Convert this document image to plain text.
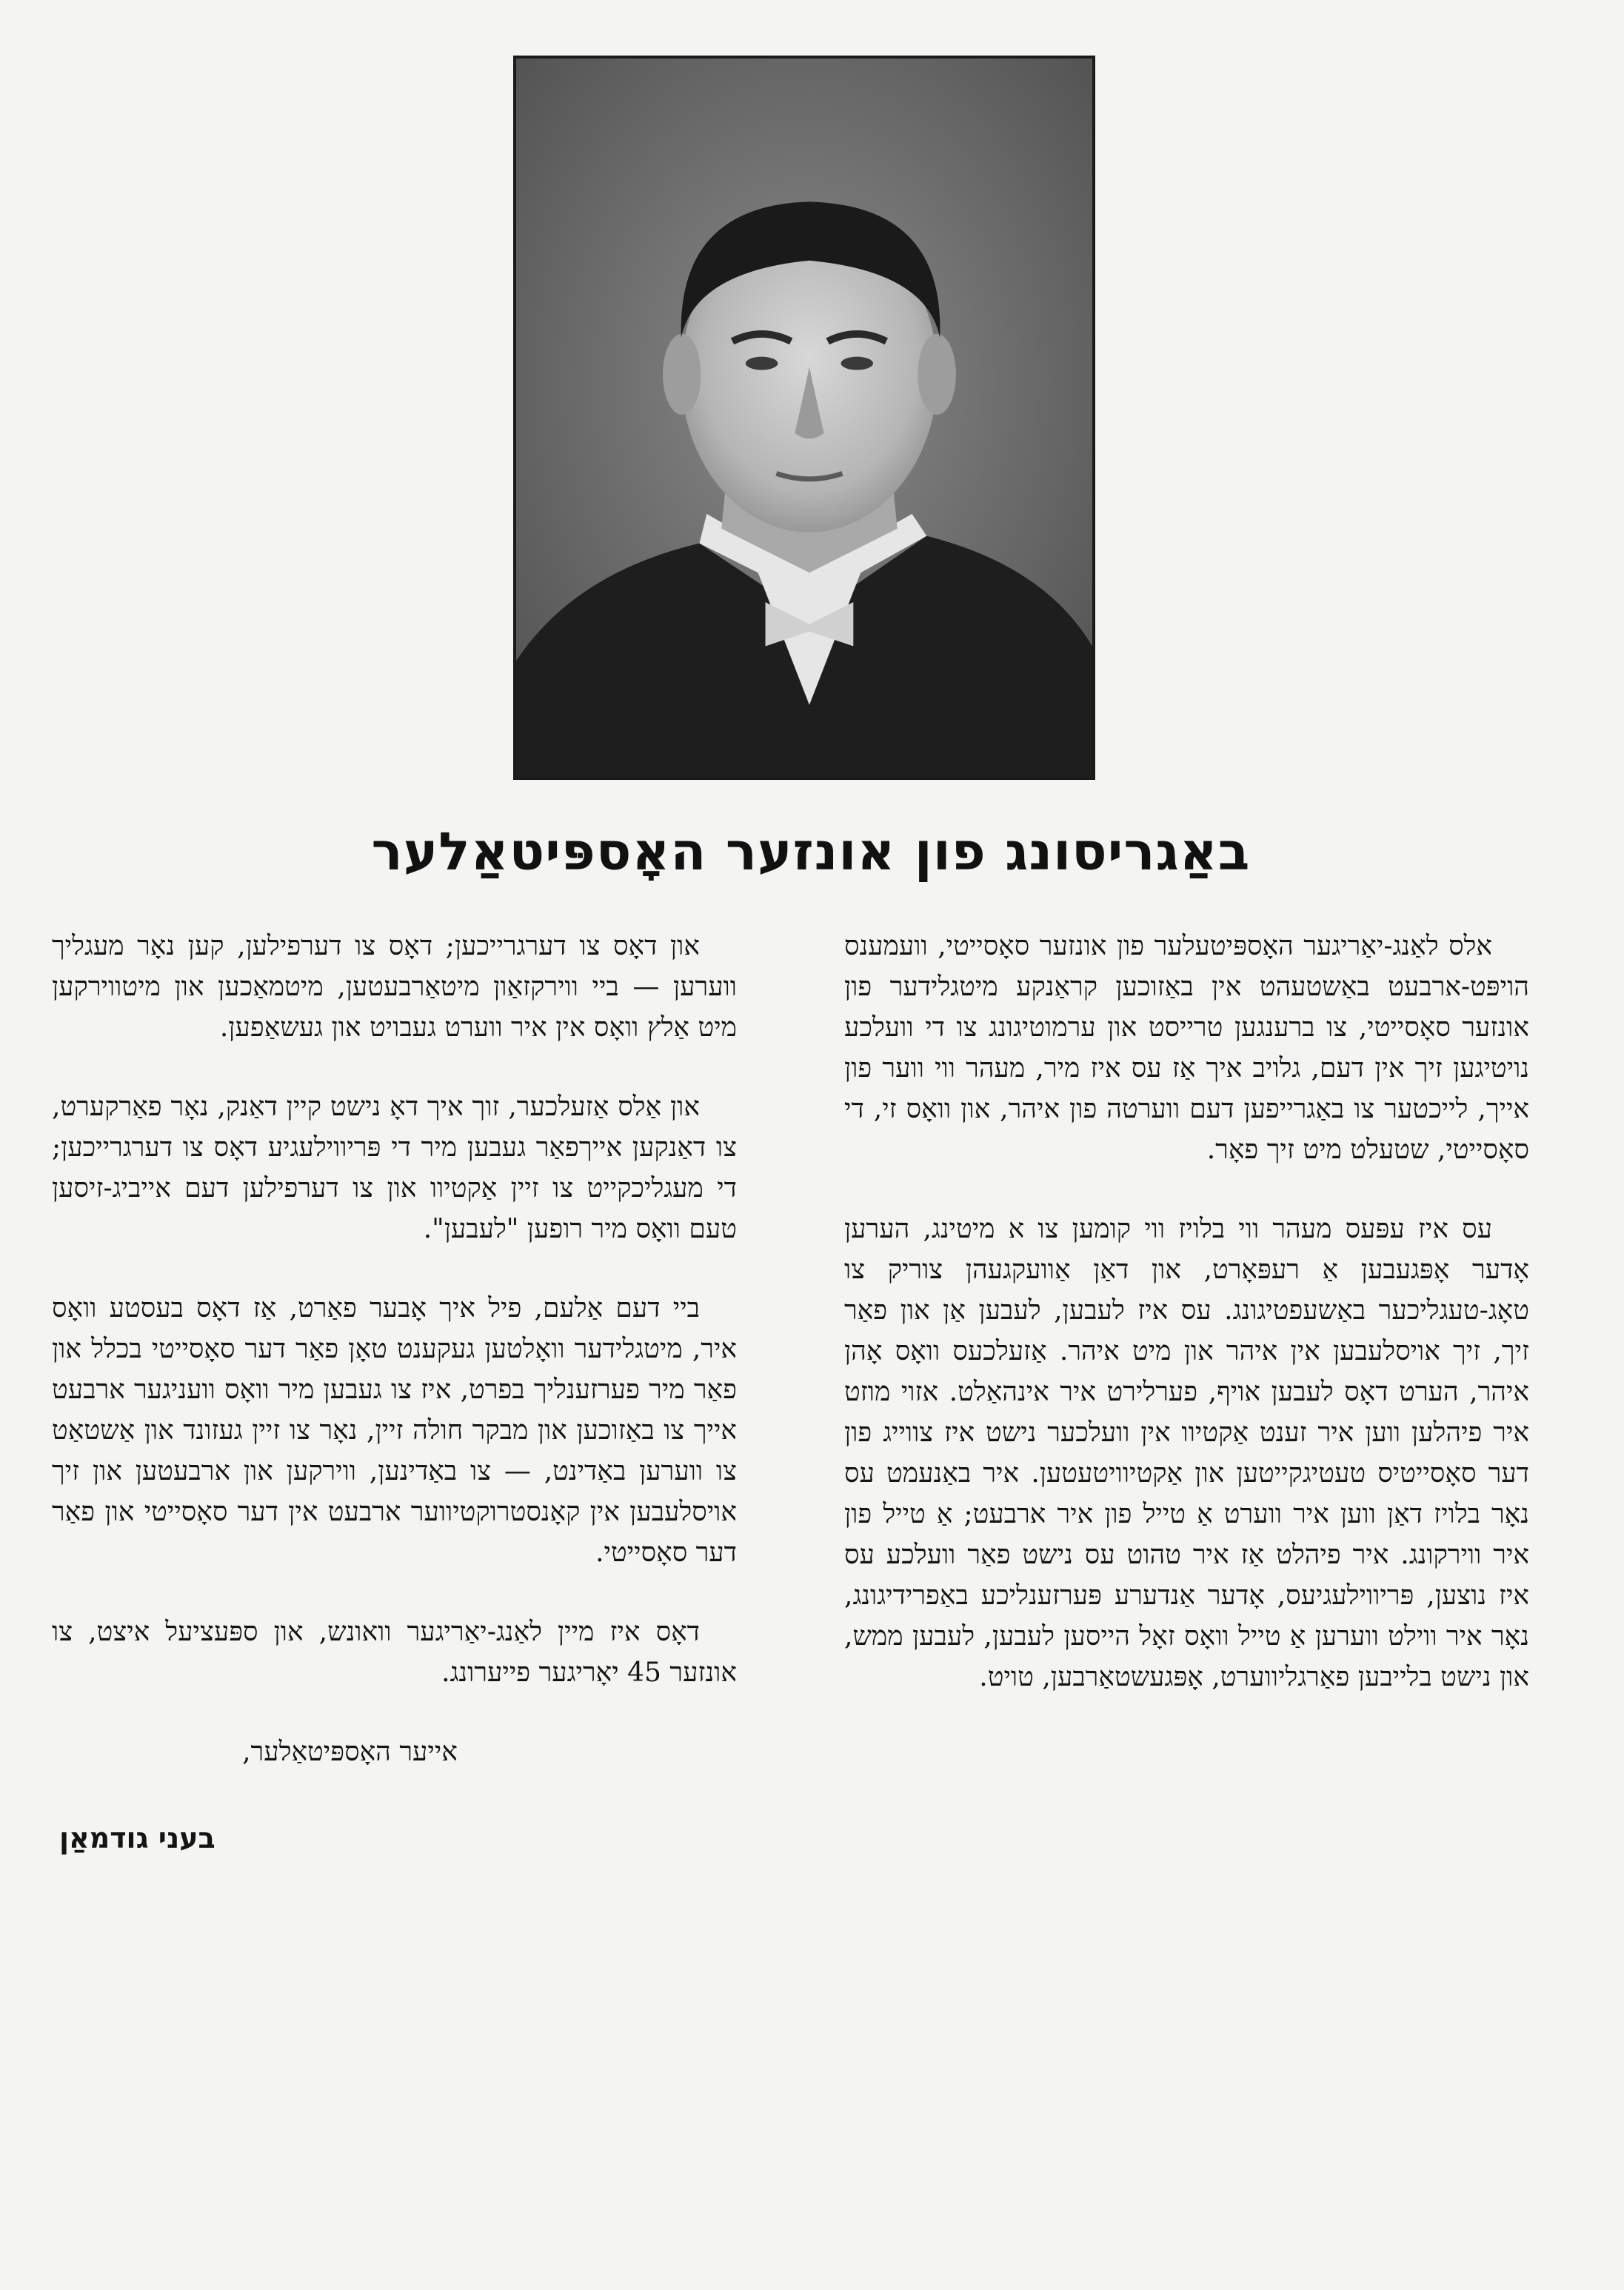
באַגריסונג פון אונזער האָספּיטאַלער

אלס לאַנג-יאַריגער האָספּיטעלער פון אונזער סאָסייטי, וועמענס הויפּט-ארבעט באַשטעהט אין באַזוכען קראַנקע מיטגלידער פון אונזער סאָסייטי, צו ברענגען טרייסט און ערמוטיגונג צו די וועלכע נויטיגען זיך אין דעם, גלויב איך אַז עס איז מיר, מעהר ווי ווער פון אייך, לייכטער צו באַגרייפען דעם ווערטה פון איהר, און וואָס זי, די סאָסייטי, שטעלט מיט זיך פאָר.

עס איז עפּעס מעהר ווי בלויז ווי קומען צו א מיטינג, הערען אָדער אָפּגעבען אַ רעפּאָרט, און דאַן אַוועקגעהן צוריק צו טאָג-טעגליכער באַשעפטיגונג. עס איז לעבען, לעבען אַן און פאַר זיך, זיך אויסלעבען אין איהר און מיט איהר. אַזעלכעס וואָס אָהן איהר, הערט דאָס לעבען אויף, פערלירט איר אינהאַלט. אזוי מוזט איר פיהלען ווען איר זענט אַקטיוו אין וועלכער נישט איז צווייג פון דער סאָסייטיס טעטיגקייטען און אַקטיוויטעטען. איר באַנעמט עס נאָר בלויז דאַן ווען איר ווערט אַ טייל פון איר ארבעט; אַ טייל פון איר ווירקונג. איר פיהלט אַז איר טהוט עס נישט פאַר וועלכע עס איז נוצען, פּריווילעגיעס, אָדער אַנדערע פּערזענליכע באַפרידיגונג, נאָר איר ווילט ווערען אַ טייל וואָס זאָל הייסען לעבען, לעבען ממש, און נישט בלייבען פאַרגליווערט, אָפּגעשטאַרבען, טויט.

און דאָס צו דערגרייכען; דאָס צו דערפילען, קען נאָר מעגליך ווערען — ביי ווירקזאַון מיטאַרבעטען, מיטמאַכען און מיטווירקען מיט אַלץ וואָס אין איר ווערט געבויט און געשאַפען.

און אַלס אַזעלכער, זוך איך דאָ נישט קיין דאַנק, נאָר פאַרקערט, צו דאַנקען אייךפאַר געבען מיר די פּריווילעגיע דאָס צו דערגרייכען; די מעגליכקייט צו זיין אַקטיוו און צו דערפילען דעם אייביג-זיסען טעם וואָס מיר רופען "לעבען".

ביי דעם אַלעם, פיל איך אָבער פאַרט, אַז דאָס בעסטע וואָס איר, מיטגלידער וואָלטען געקענט טאָן פאַר דער סאָסייטי בכלל און פאַר מיר פערזענליך בפרט, איז צו געבען מיר וואָס וועניגער ארבעט אייך צו באַזוכען און מבקר חולה זיין, נאָר צו זיין געזונד און אַשטאַט צו ווערען באַדינט, — צו באַדינען, ווירקען און ארבעטען און זיך אויסלעבען אין קאָנסטרוקטיווער ארבעט אין דער סאָסייטי און פאַר דער סאָסייטי.

דאָס איז מיין לאַנג-יאַריגער וואונש, און ספּעציעל איצט, צו אונזער 45 יאָריגער פייערונג.

אייער האָספּיטאַלער,

בעני גודמאַן
